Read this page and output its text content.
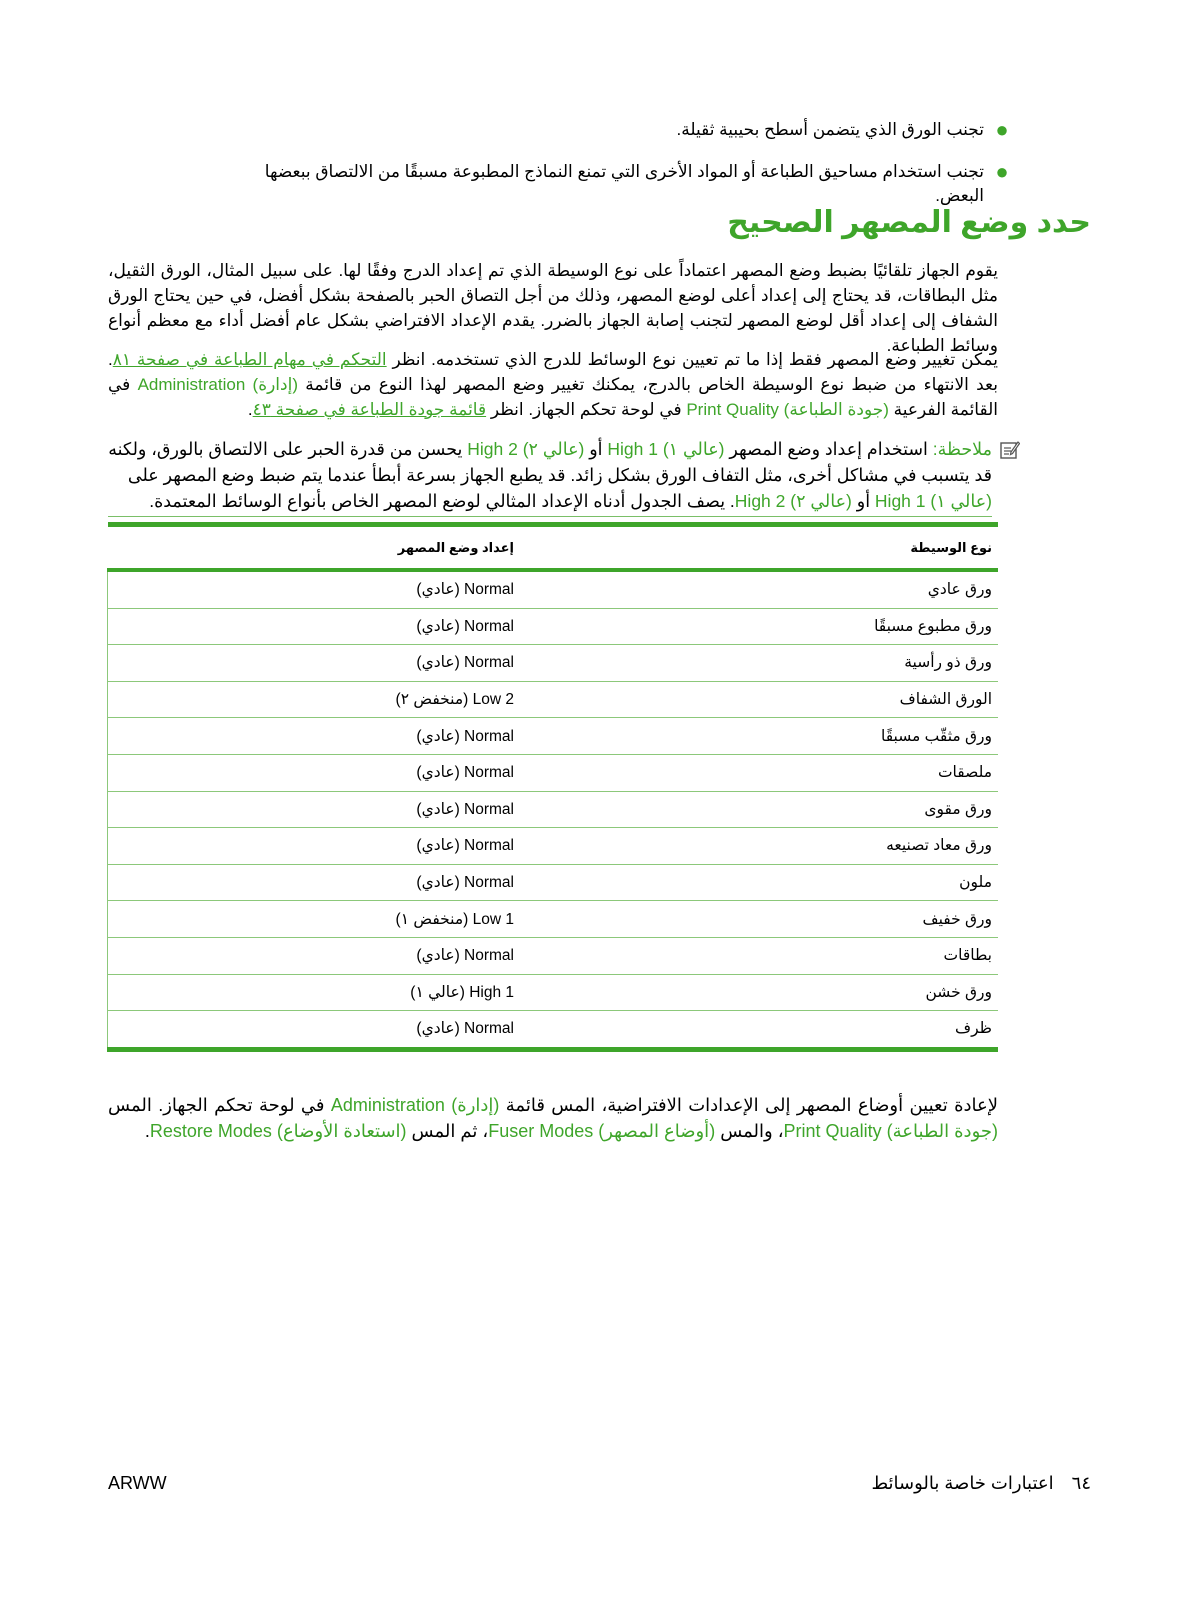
●
تجنب الورق الذي يتضمن أسطح بحيبية ثقيلة.
●
تجنب استخدام مساحيق الطباعة أو المواد الأخرى التي تمنع النماذج المطبوعة مسبقًا من الالتصاق ببعضها البعض.
حدد وضع المصهر الصحيح

يقوم الجهاز تلقائيًا بضبط وضع المصهر اعتماداً على نوع الوسيطة الذي تم إعداد الدرج وفقًا لها. على سبيل المثال، الورق الثقيل، مثل البطاقات، قد يحتاج إلى إعداد أعلى لوضع المصهر، وذلك من أجل التصاق الحبر بالصفحة بشكل أفضل، في حين يحتاج الورق الشفاف إلى إعداد أقل لوضع المصهر لتجنب إصابة الجهاز بالضرر. يقدم الإعداد الافتراضي بشكل عام أفضل أداء مع معظم أنواع وسائط الطباعة.

يمكن تغيير وضع المصهر فقط إذا ما تم تعيين نوع الوسائط للدرج الذي تستخدمه. انظر التحكم في مهام الطباعة في صفحة ٨١. بعد الانتهاء من ضبط نوع الوسيطة الخاص بالدرج، يمكنك تغيير وضع المصهر لهذا النوع من قائمة Administration (إدارة) في القائمة الفرعية Print Quality (جودة الطباعة) في لوحة تحكم الجهاز. انظر قائمة جودة الطباعة في صفحة ٤٣.

ملاحظة: استخدام إعداد وضع المصهر High 1 (عالي ١) أو High 2 (عالي ٢) يحسن من قدرة الحبر على الالتصاق بالورق، ولكنه قد يتسبب في مشاكل أخرى، مثل التفاف الورق بشكل زائد. قد يطبع الجهاز بسرعة أبطأ عندما يتم ضبط وضع المصهر على High 1 (عالي ١) أو High 2 (عالي ٢). يصف الجدول أدناه الإعداد المثالي لوضع المصهر الخاص بأنواع الوسائط المعتمدة.
نوع الوسيطة	إعداد وضع المصهر
ورق عادي	Normal (عادي)
ورق مطبوع مسبقًا	Normal (عادي)
ورق ذو رأسية	Normal (عادي)
الورق الشفاف	Low 2 (منخفض ٢)
ورق مثقّب مسبقًا	Normal (عادي)
ملصقات	Normal (عادي)
ورق مقوى	Normal (عادي)
ورق معاد تصنيعه	Normal (عادي)
ملون	Normal (عادي)
ورق خفيف	Low 1 (منخفض ١)
بطاقات	Normal (عادي)
ورق خشن	High 1 (عالي ١)
ظرف	Normal (عادي)

لإعادة تعيين أوضاع المصهر إلى الإعدادات الافتراضية، المس قائمة Administration (إدارة) في لوحة تحكم الجهاز. المس Print Quality (جودة الطباعة)، والمس Fuser Modes (أوضاع المصهر)، ثم المس Restore Modes (استعادة الأوضاع).

ARWW	٦٤اعتبارات خاصة بالوسائط
